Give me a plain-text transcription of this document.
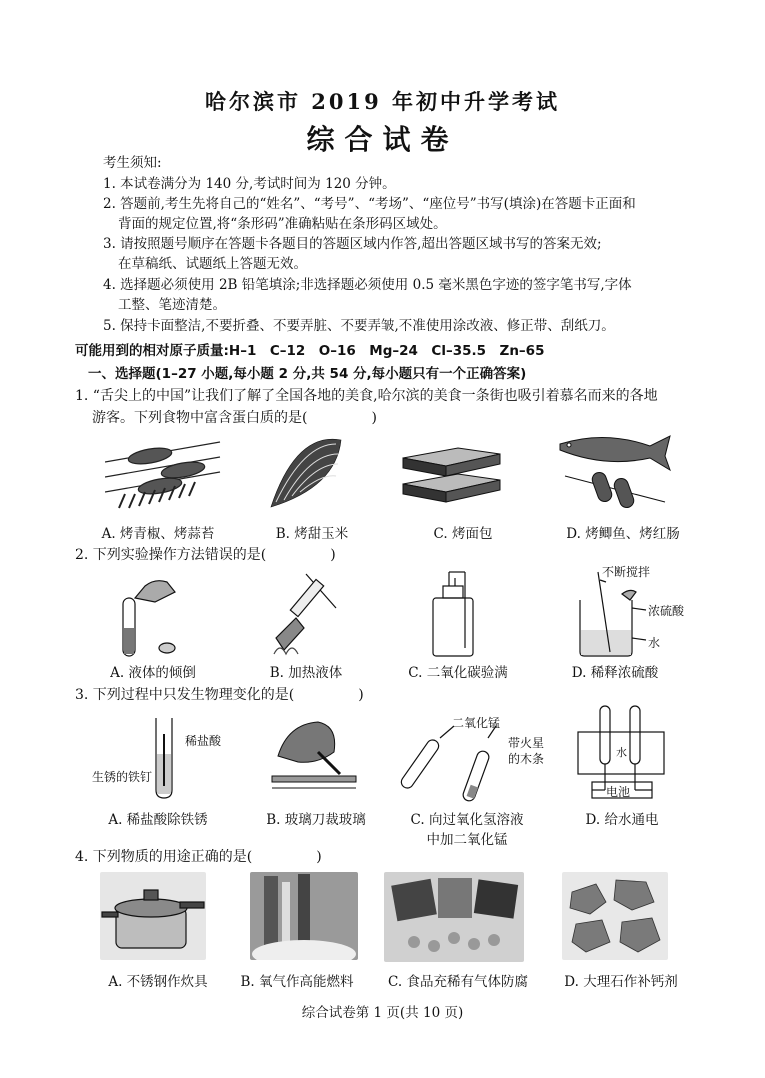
哈尔滨市 2019 年初中升学考试
综合试卷
考生须知:
1. 本试卷满分为 140 分,考试时间为 120 分钟。
2. 答题前,考生先将自己的“姓名”、“考号”、“考场”、“座位号”书写(填涂)在答题卡正面和
背面的规定位置,将“条形码”准确粘贴在条形码区域处。
3. 请按照题号顺序在答题卡各题目的答题区域内作答,超出答题区域书写的答案无效;
在草稿纸、试题纸上答题无效。
4. 选择题必须使用 2B 铅笔填涂;非选择题必须使用 0.5 毫米黑色字迹的签字笔书写,字体
工整、笔迹清楚。
5. 保持卡面整洁,不要折叠、不要弄脏、不要弄皱,不准使用涂改液、修正带、刮纸刀。
可能用到的相对原子质量:H–1　C–12　O–16　Mg–24　Cl–35.5　Zn–65
一、选择题(1–27 小题,每小题 2 分,共 54 分,每小题只有一个正确答案)
1. “舌尖上的中国”让我们了解了全国各地的美食,哈尔滨的美食一条街也吸引着慕名而来的各地
游客。下列食物中富含蛋白质的是(	)
A. 烤青椒、烤蒜苔	B. 烤甜玉米	C. 烤面包	D. 烤鲫鱼、烤红肠
2. 下列实验操作方法错误的是(	)
不断搅拌
浓硫酸
水
A. 液体的倾倒	B. 加热液体	C. 二氧化碳验满	D. 稀释浓硫酸
3. 下列过程中只发生物理变化的是(	)
稀盐酸
生锈的铁钉
二氧化锰
带火星
的木条	水
电池
A. 稀盐酸除铁锈	B. 玻璃刀裁玻璃	C. 向过氧化氢溶液
中加二氧化锰
D. 给水通电
4. 下列物质的用途正确的是(	)
A. 不锈钢作炊具	B. 氧气作高能燃料	C. 食品充稀有气体防腐	D. 大理石作补钙剂
综合试卷第 1 页(共 10 页)
